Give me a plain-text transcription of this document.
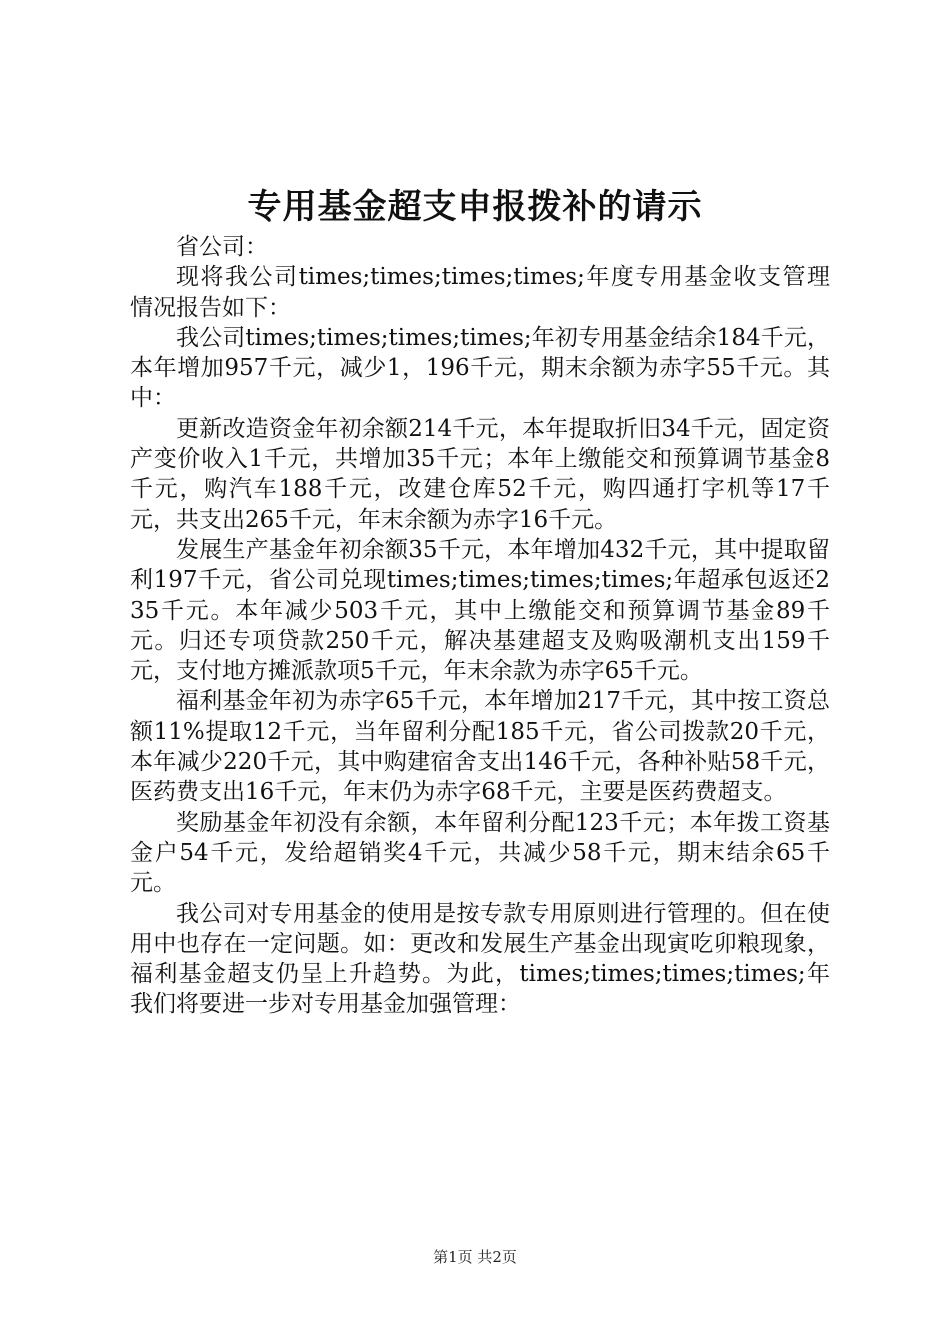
专用基金超支申报拨补的请示

省公司：

现将我公司times;times;times;times;年度专用基金收支管理情况报告如下：

我公司times;times;times;times;年初专用基金结余184千元，本年增加957千元，减少1，196千元，期末余额为赤字55千元。其中：

更新改造资金年初余额214千元，本年提取折旧34千元，固定资产变价收入1千元，共增加35千元；本年上缴能交和预算调节基金8千元，购汽车188千元，改建仓库52千元，购四通打字机等17千元，共支出265千元，年末余额为赤字16千元。

发展生产基金年初余额35千元，本年增加432千元，其中提取留利197千元，省公司兑现times;times;times;times;年超承包返还235千元。本年减少503千元，其中上缴能交和预算调节基金89千元。归还专项贷款250千元，解决基建超支及购吸潮机支出159千元，支付地方摊派款项5千元，年末余款为赤字65千元。

福利基金年初为赤字65千元，本年增加217千元，其中按工资总额11%提取12千元，当年留利分配185千元，省公司拨款20千元，本年减少220千元，其中购建宿舍支出146千元，各种补贴58千元，医药费支出16千元，年末仍为赤字68千元，主要是医药费超支。

奖励基金年初没有余额，本年留利分配123千元；本年拨工资基金户54千元，发给超销奖4千元，共减少58千元，期末结余65千元。

我公司对专用基金的使用是按专款专用原则进行管理的。但在使用中也存在一定问题。如：更改和发展生产基金出现寅吃卯粮现象，福利基金超支仍呈上升趋势。为此，times;times;times;times;年我们将要进一步对专用基金加强管理：

第1页 共2页
